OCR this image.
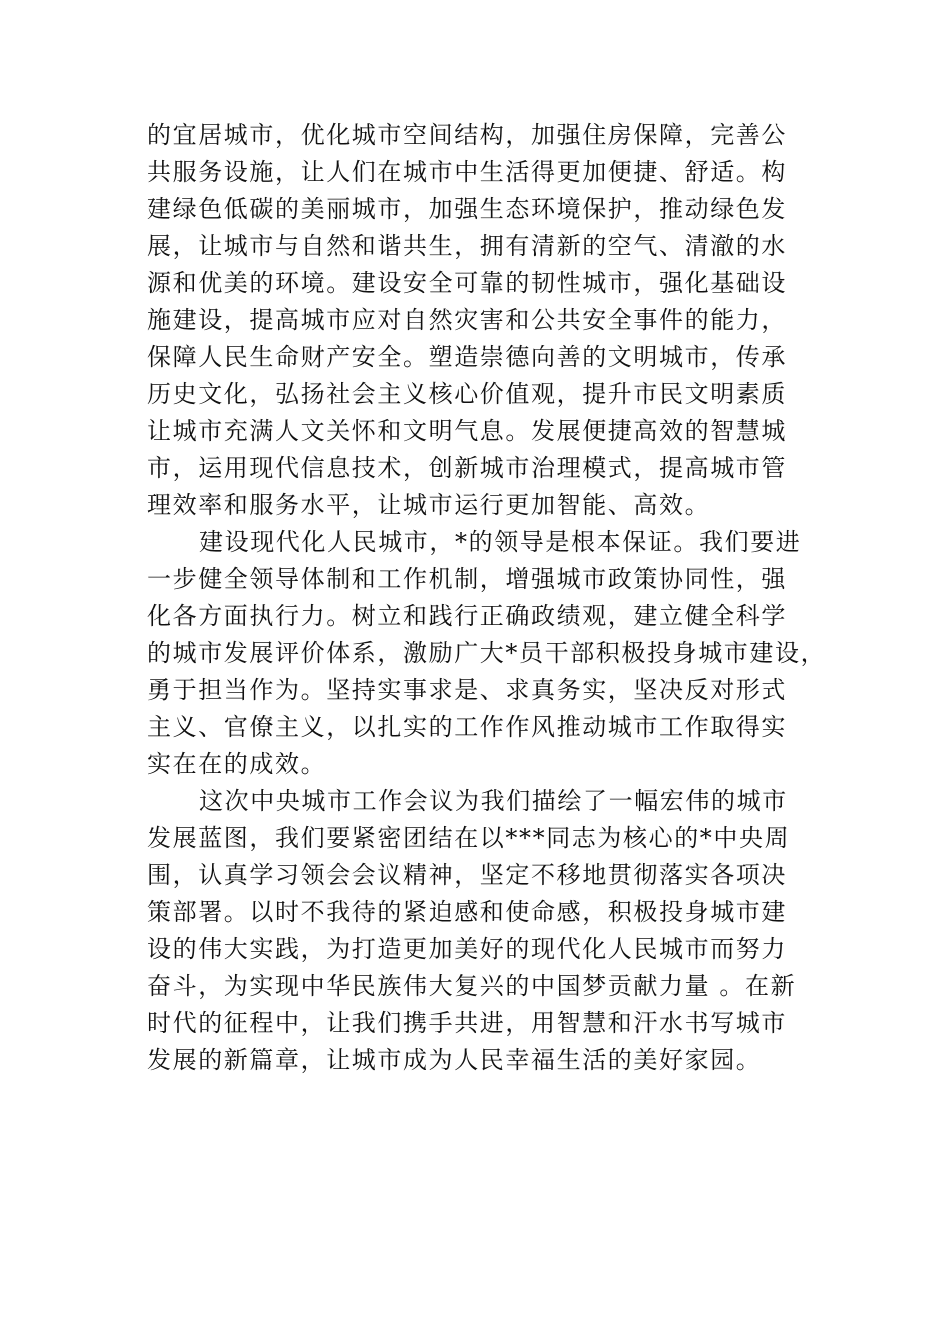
的宜居城市，优化城市空间结构，加强住房保障，完善公
共服务设施，让人们在城市中生活得更加便捷、舒适。构
建绿色低碳的美丽城市，加强生态环境保护，推动绿色发
展，让城市与自然和谐共生，拥有清新的空气、清澈的水
源和优美的环境。建设安全可靠的韧性城市，强化基础设
施建设，提高城市应对自然灾害和公共安全事件的能力，
保障人民生命财产安全。塑造崇德向善的文明城市，传承
历史文化，弘扬社会主义核心价值观，提升市民文明素质
让城市充满人文关怀和文明气息。发展便捷高效的智慧城
市，运用现代信息技术，创新城市治理模式，提高城市管
理效率和服务水平，让城市运行更加智能、高效。
建设现代化人民城市，*的领导是根本保证。我们要进
一步健全领导体制和工作机制，增强城市政策协同性，强
化各方面执行力。树立和践行正确政绩观，建立健全科学
的城市发展评价体系，激励广大*员干部积极投身城市建设，
勇于担当作为。坚持实事求是、求真务实，坚决反对形式
主义、官僚主义，以扎实的工作作风推动城市工作取得实
实在在的成效。
这次中央城市工作会议为我们描绘了一幅宏伟的城市
发展蓝图，我们要紧密团结在以***同志为核心的*中央周
围，认真学习领会会议精神，坚定不移地贯彻落实各项决
策部署。以时不我待的紧迫感和使命感，积极投身城市建
设的伟大实践，为打造更加美好的现代化人民城市而努力
奋斗，为实现中华民族伟大复兴的中国梦贡献力量 。在新
时代的征程中，让我们携手共进，用智慧和汗水书写城市
发展的新篇章，让城市成为人民幸福生活的美好家园。
